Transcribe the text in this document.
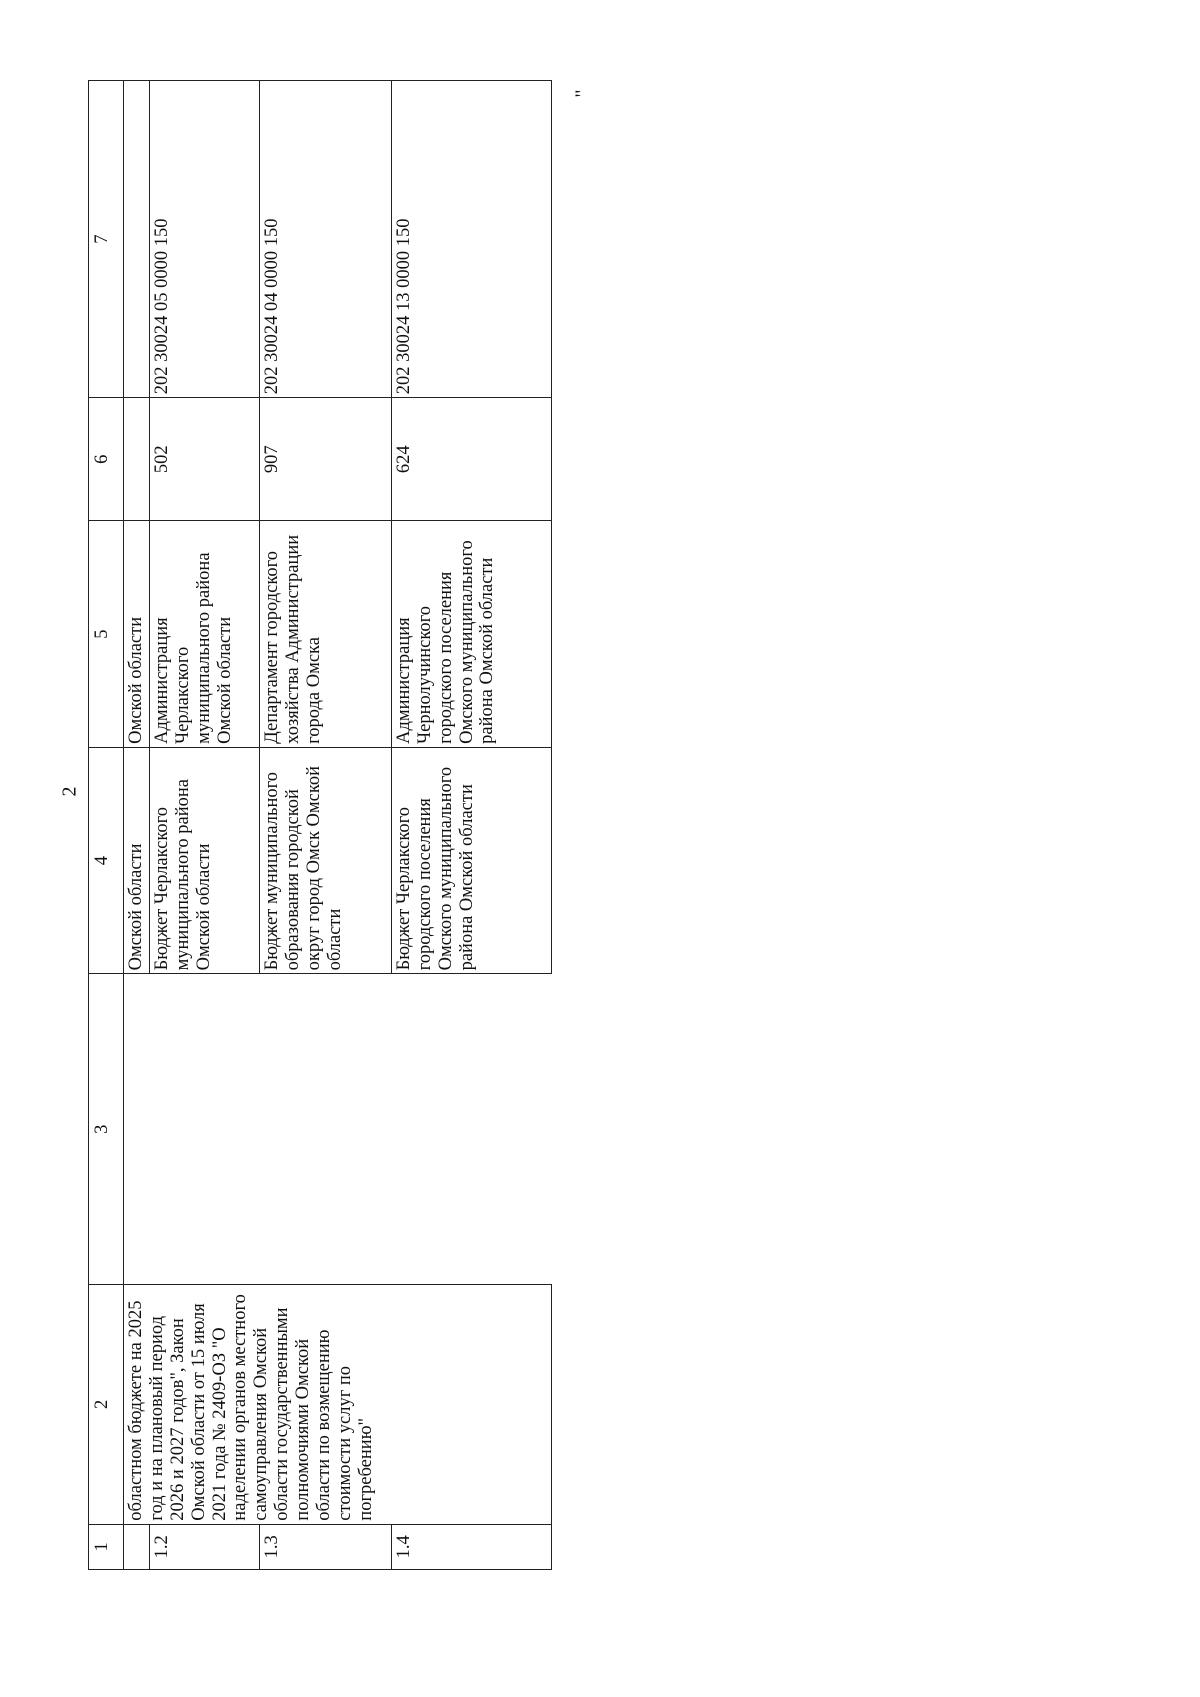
2
"
1	2	3	4	5	6	7
	областном бюджете на 2025 год и на плановый период 2026 и 2027 годов", Закон Омской области от 15 июля 2021 года № 2409-ОЗ "О наделении органов местного самоуправления Омской области государственными полномочиями Омской области по возмещению стоимости услуг по погребению"		Омской области	Омской области		
1.2			Бюджет Черлакского муниципального района Омской области	Администрация Черлакского муниципального района Омской области	502	202 30024 05 0000 150
1.3			Бюджет муниципального образования городской округ город Омск Омской области	Департамент городского хозяйства Администрации города Омска	907	202 30024 04 0000 150
1.4			Бюджет Черлакского городского поселения Омского муниципального района Омской области	Администрация Чернолучинского городского поселения Омского муниципального района Омской области	624	202 30024 13 0000 150
